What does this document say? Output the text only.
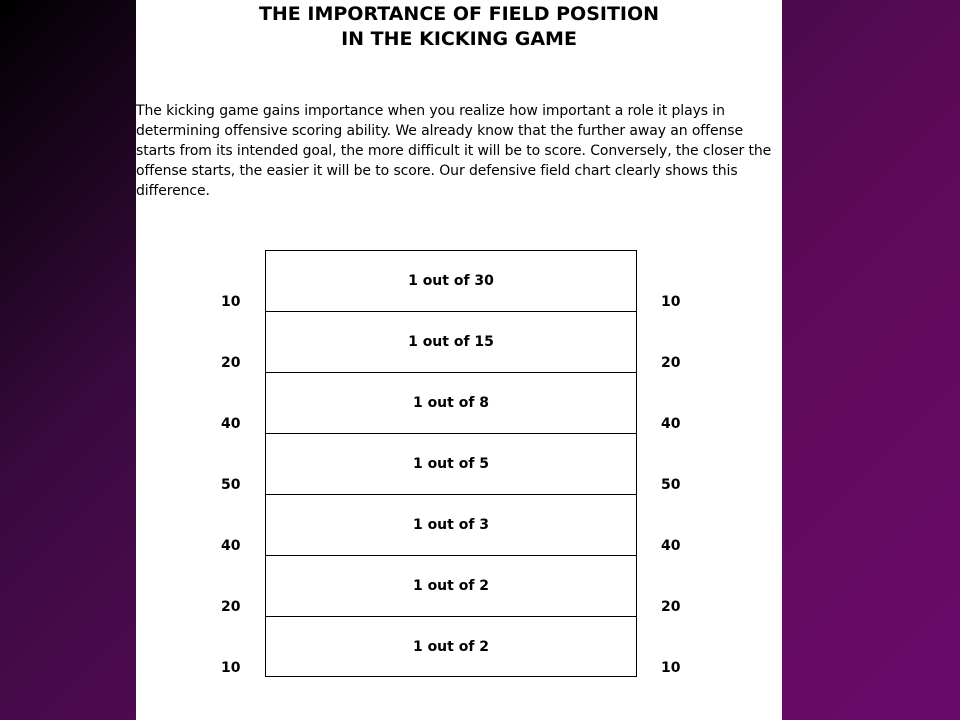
THE IMPORTANCE OF FIELD POSITION
IN THE KICKING GAME
The kicking game gains importance when you realize how important a role it plays in determining offensive scoring ability. We already know that the further away an offense starts from its intended goal, the more difficult it will be to score. Conversely, the closer the offense starts, the easier it will be to score. Our defensive field chart clearly shows this difference.
1 out of 30
1 out of 15
1 out of 8
1 out of 5
1 out of 3
1 out of 2
1 out of 2
10
20
40
50
40
20
10
10
20
40
50
40
20
10
